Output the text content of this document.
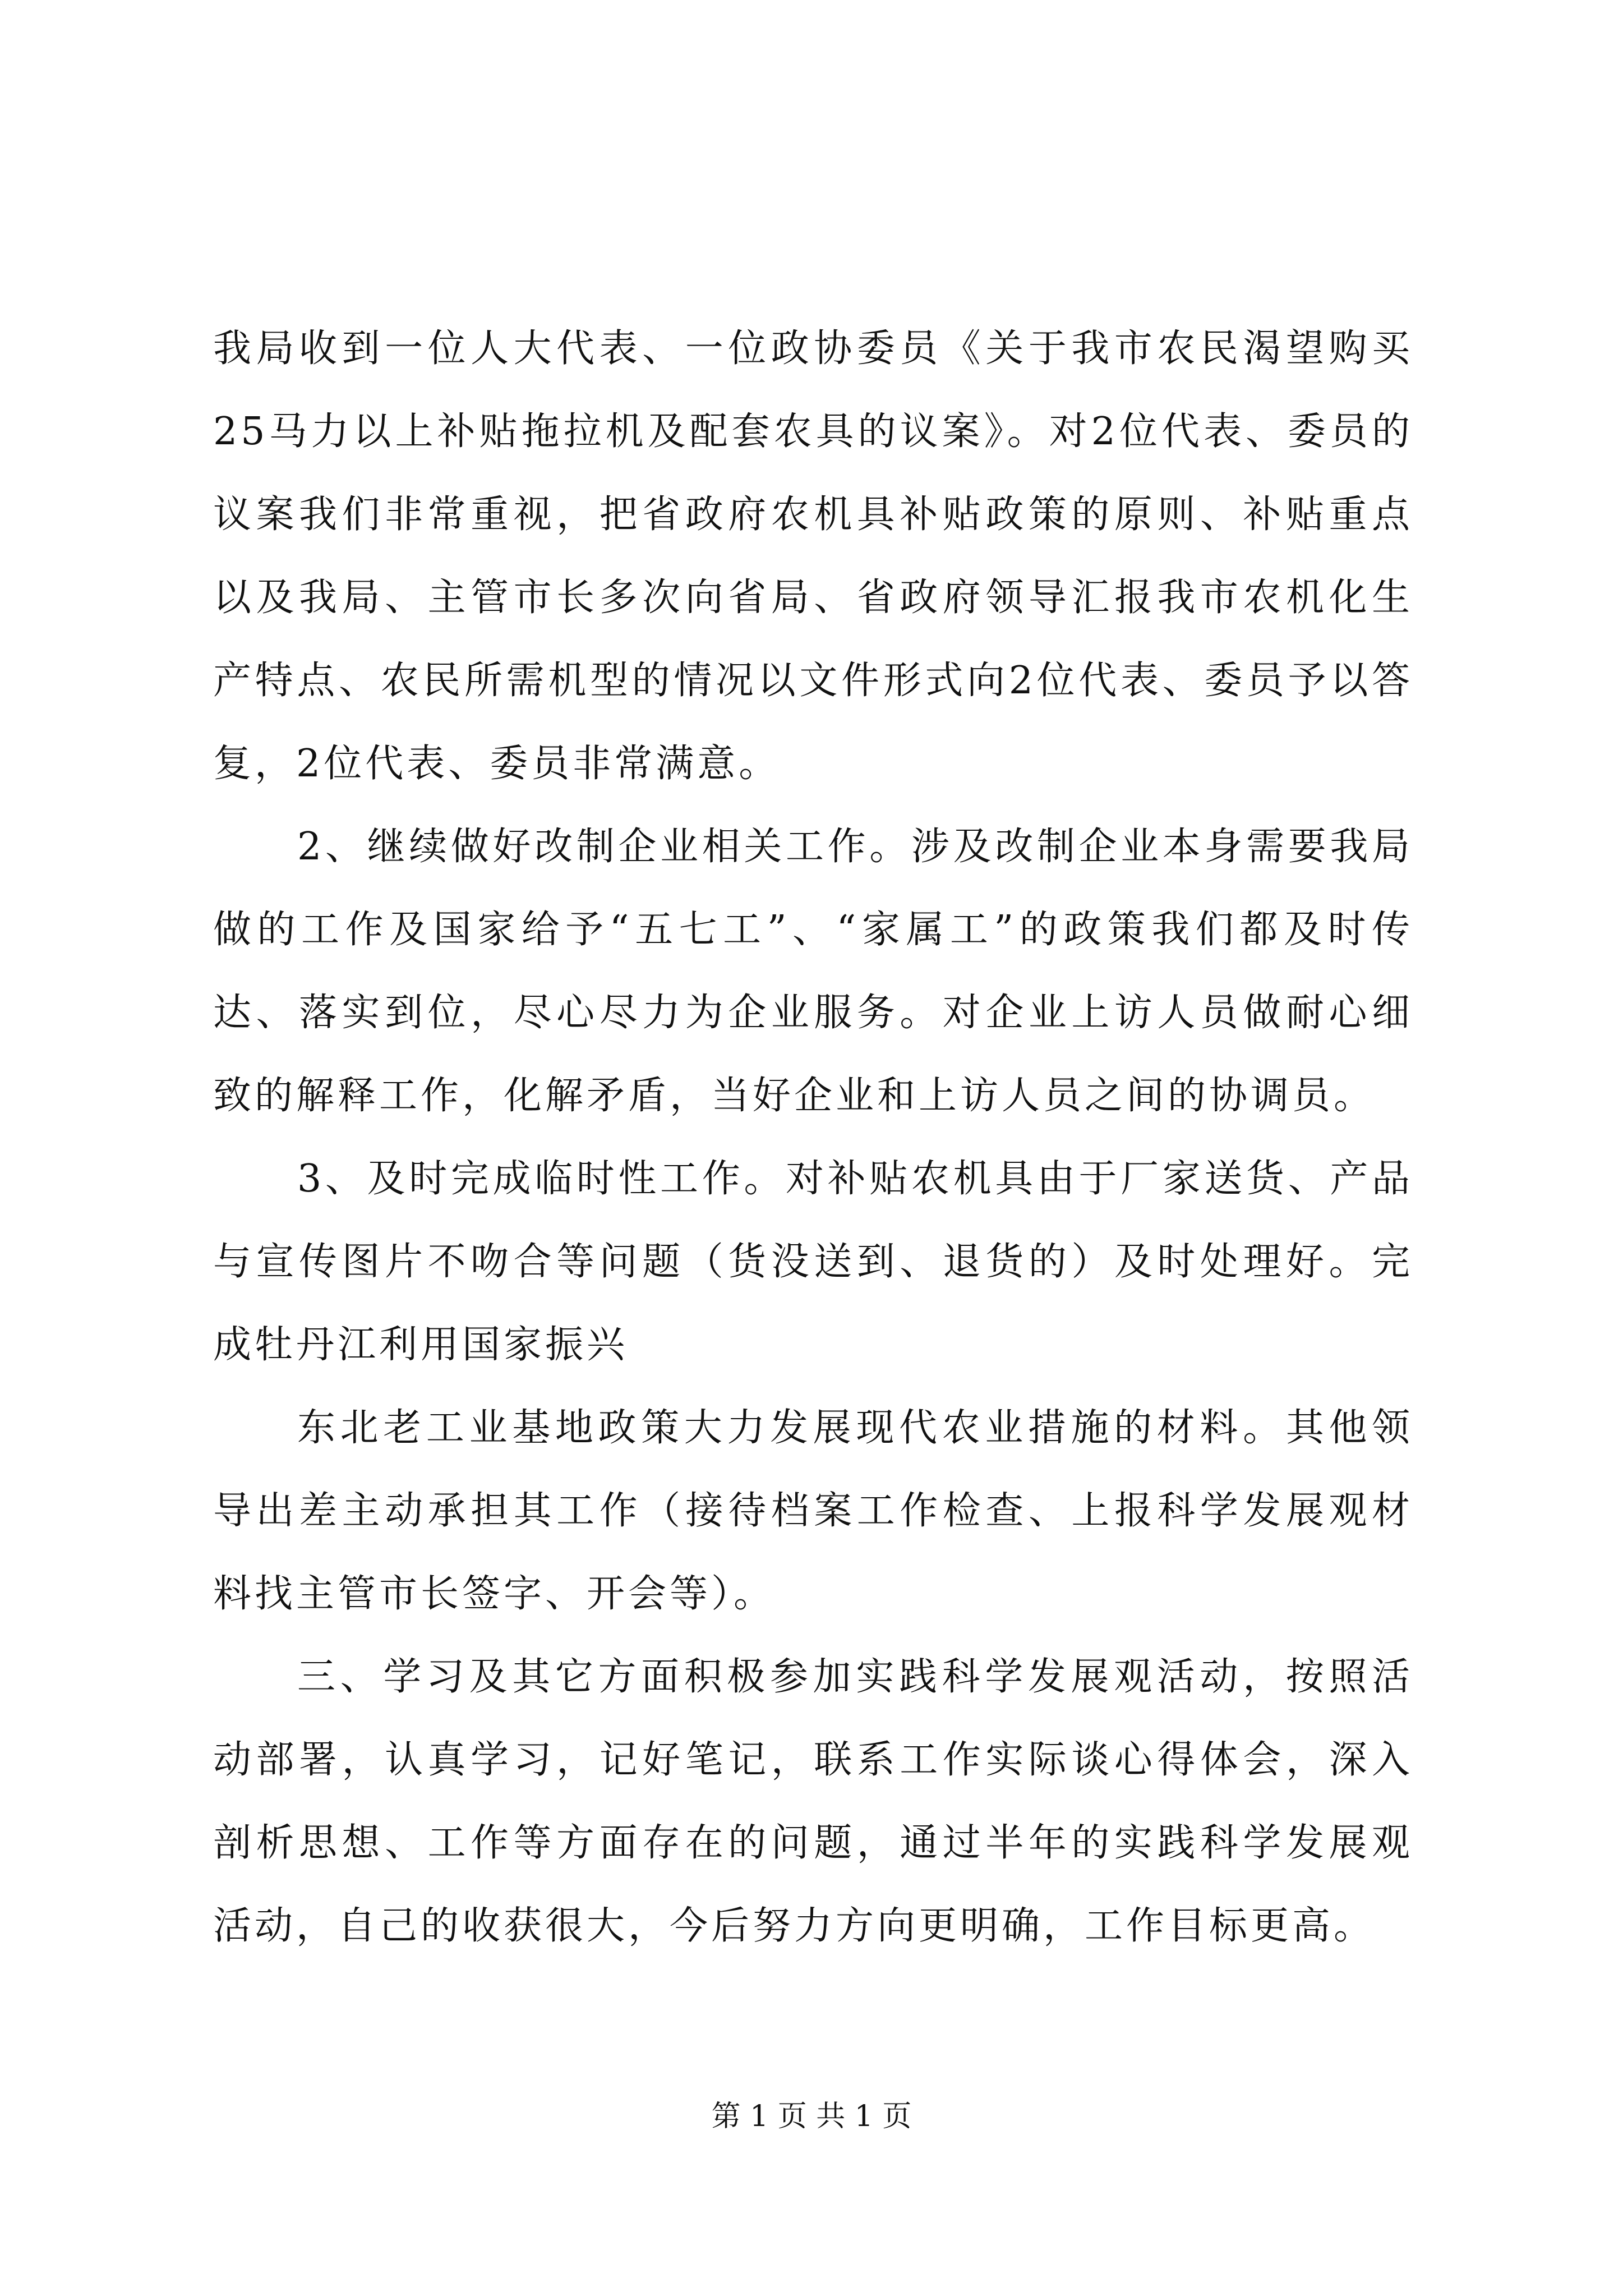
我局收到一位人大代表、一位政协委员《关于我市农民渴望购买25马力以上补贴拖拉机及配套农具的议案》。对2位代表、委员的议案我们非常重视，把省政府农机具补贴政策的原则、补贴重点以及我局、主管市长多次向省局、省政府领导汇报我市农机化生产特点、农民所需机型的情况以文件形式向2位代表、委员予以答复，2位代表、委员非常满意。

2、继续做好改制企业相关工作。涉及改制企业本身需要我局做的工作及国家给予“五七工”、“家属工”的政策我们都及时传达、落实到位，尽心尽力为企业服务。对企业上访人员做耐心细致的解释工作，化解矛盾，当好企业和上访人员之间的协调员。

3、及时完成临时性工作。对补贴农机具由于厂家送货、产品与宣传图片不吻合等问题（货没送到、退货的）及时处理好。完成牡丹江利用国家振兴

东北老工业基地政策大力发展现代农业措施的材料。其他领导出差主动承担其工作（接待档案工作检查、上报科学发展观材料找主管市长签字、开会等）。

三、学习及其它方面积极参加实践科学发展观活动，按照活动部署，认真学习，记好笔记，联系工作实际谈心得体会，深入剖析思想、工作等方面存在的问题，通过半年的实践科学发展观活动，自己的收获很大，今后努力方向更明确，工作目标更高。

第 1 页 共 1 页
